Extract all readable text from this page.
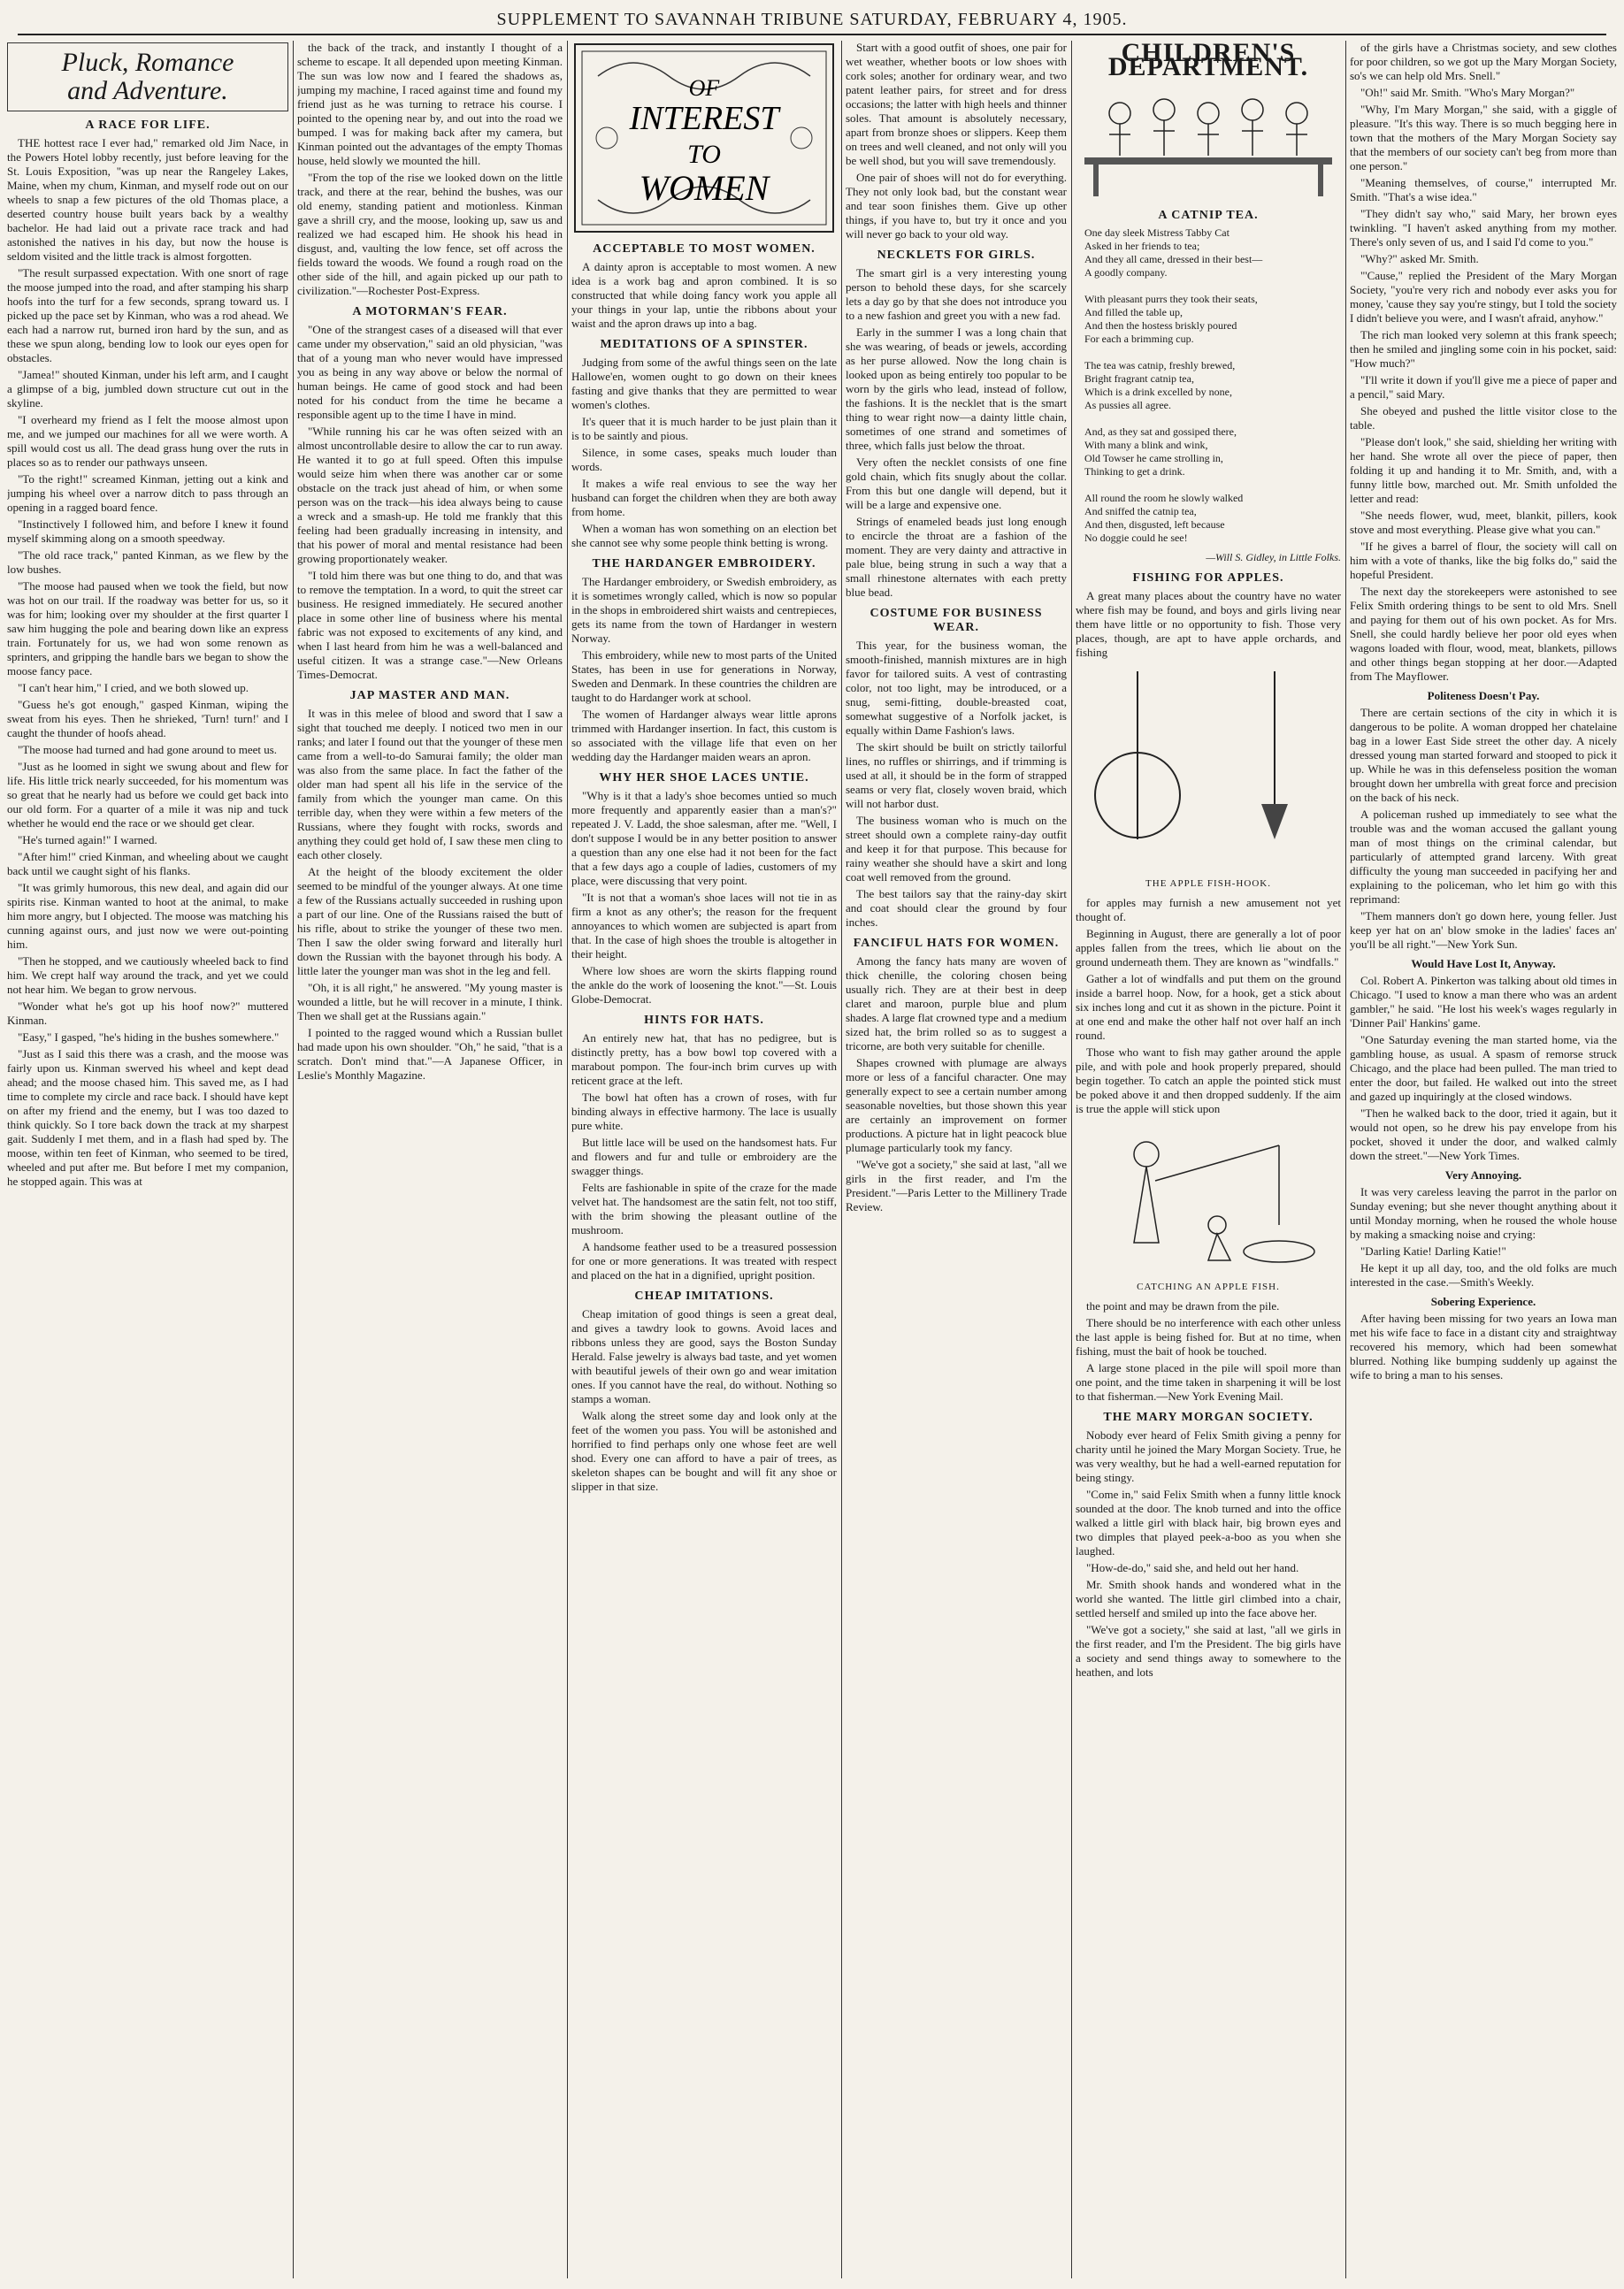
SUPPLEMENT TO SAVANNAH TRIBUNE SATURDAY, FEBRUARY 4, 1905.
Pluck, Romance
and Adventure.
A RACE FOR LIFE.

THE hottest race I ever had," remarked old Jim Nace, in the Powers Hotel lobby recently, just before leaving for the St. Louis Exposition, "was up near the Rangeley Lakes, Maine, when my chum, Kinman, and myself rode out on our wheels to snap a few pictures of the old Thomas place, a deserted country house built years back by a wealthy bachelor. He had laid out a private race track and had astonished the natives in his day, but now the house is seldom visited and the little track is almost forgotten.

"The result surpassed expectation. With one snort of rage the moose jumped into the road, and after stamping his sharp hoofs into the turf for a few seconds, sprang toward us. I picked up the pace set by Kinman, who was a rod ahead. We each had a narrow rut, burned iron hard by the sun, and as these we spun along, bending low to look our eyes open for obstacles.

"Jamea!" shouted Kinman, under his left arm, and I caught a glimpse of a big, jumbled down structure cut out in the skyline.

"I overheard my friend as I felt the moose almost upon me, and we jumped our machines for all we were worth. A spill would cost us all. The dead grass hung over the ruts in places so as to render our pathways unseen.

"To the right!" screamed Kinman, jetting out a kink and jumping his wheel over a narrow ditch to pass through an opening in a ragged board fence.

"Instinctively I followed him, and before I knew it found myself skimming along on a smooth speedway.

"The old race track," panted Kinman, as we flew by the low bushes.

"The moose had paused when we took the field, but now was hot on our trail. If the roadway was better for us, so it was for him; looking over my shoulder at the first quarter I saw him hugging the pole and bearing down like an express train. Fortunately for us, we had won some renown as sprinters, and gripping the handle bars we began to show the moose fancy pace.

"I can't hear him," I cried, and we both slowed up.

"Guess he's got enough," gasped Kinman, wiping the sweat from his eyes. Then he shrieked, 'Turn! turn!' and I caught the thunder of hoofs ahead.

"The moose had turned and had gone around to meet us.

"Just as he loomed in sight we swung about and flew for life. His little trick nearly succeeded, for his momentum was so great that he nearly had us before we could get back into our old form. For a quarter of a mile it was nip and tuck whether he would end the race or we should get clear.

"He's turned again!" I warned.

"After him!" cried Kinman, and wheeling about we caught back until we caught sight of his flanks.

"It was grimly humorous, this new deal, and again did our spirits rise. Kinman wanted to hoot at the animal, to make him more angry, but I objected. The moose was matching his cunning against ours, and just now we were out-pointing him.

"Then he stopped, and we cautiously wheeled back to find him. We crept half way around the track, and yet we could not hear him. We began to grow nervous.

"Wonder what he's got up his hoof now?" muttered Kinman.

"Easy," I gasped, "he's hiding in the bushes somewhere."

"Just as I said this there was a crash, and the moose was fairly upon us. Kinman swerved his wheel and kept dead ahead; and the moose chased him. This saved me, as I had time to complete my circle and race back. I should have kept on after my friend and the enemy, but I was too dazed to think quickly. So I tore back down the track at my sharpest gait. Suddenly I met them, and in a flash had sped by. The moose, within ten feet of Kinman, who seemed to be tired, wheeled and put after me. But before I met my companion, he stopped again. This was at

the back of the track, and instantly I thought of a scheme to escape. It all depended upon meeting Kinman. The sun was low now and I feared the shadows as, jumping my machine, I raced against time and found my friend just as he was turning to retrace his course. I pointed to the opening near by, and out into the road we bumped. I was for making back after my camera, but Kinman pointed out the advantages of the empty Thomas house, held slowly we mounted the hill.

"From the top of the rise we looked down on the little track, and there at the rear, behind the bushes, was our old enemy, standing patient and motionless. Kinman gave a shrill cry, and the moose, looking up, saw us and realized we had escaped him. He shook his head in disgust, and, vaulting the low fence, set off across the fields toward the woods. We found a rough road on the other side of the hill, and again picked up our path to civilization."—Rochester Post-Express.

A MOTORMAN'S FEAR.

"One of the strangest cases of a diseased will that ever came under my observation," said an old physician, "was that of a young man who never would have impressed you as being in any way above or below the normal of human beings. He came of good stock and had been noted for his conduct from the time he became a responsible agent up to the time I have in mind.

"While running his car he was often seized with an almost uncontrollable desire to allow the car to run away. He wanted it to go at full speed. Often this impulse would seize him when there was another car or some obstacle on the track just ahead of him, or when some person was on the track—his idea always being to cause a wreck and a smash-up. He told me frankly that this feeling had been gradually increasing in intensity, and that his power of moral and mental resistance had been growing proportionately weaker.

"I told him there was but one thing to do, and that was to remove the temptation. In a word, to quit the street car business. He resigned immediately. He secured another place in some other line of business where his mental fabric was not exposed to excitements of any kind, and when I last heard from him he was a well-balanced and useful citizen. It was a strange case."—New Orleans Times-Democrat.

JAP MASTER AND MAN.

It was in this melee of blood and sword that I saw a sight that touched me deeply. I noticed two men in our ranks; and later I found out that the younger of these men came from a well-to-do Samurai family; the older man was also from the same place. In fact the father of the older man had spent all his life in the service of the family from which the younger man came. On this terrible day, when they were within a few meters of the Russians, where they fought with rocks, swords and anything they could get hold of, I saw these men cling to each other closely.

At the height of the bloody excitement the older seemed to be mindful of the younger always. At one time a few of the Russians actually succeeded in rushing upon a part of our line. One of the Russians raised the butt of his rifle, about to strike the younger of these two men. Then I saw the older swing forward and literally hurl down the Russian with the bayonet through his body. A little later the younger man was shot in the leg and fell.

"Oh, it is all right," he answered. "My young master is wounded a little, but he will recover in a minute, I think. Then we shall get at the Russians again."

I pointed to the ragged wound which a Russian bullet had made upon his own shoulder. "Oh," he said, "that is a scratch. Don't mind that."—A Japanese Officer, in Leslie's Monthly Magazine.

OF
INTEREST
TO
WOMEN
ACCEPTABLE TO MOST WOMEN.

A dainty apron is acceptable to most women. A new idea is a work bag and apron combined. It is so constructed that while doing fancy work you apple all your things in your lap, untie the ribbons about your waist and the apron draws up into a bag.

MEDITATIONS OF A SPINSTER.

Judging from some of the awful things seen on the late Hallowe'en, women ought to go down on their knees fasting and give thanks that they are permitted to wear women's clothes.

It's queer that it is much harder to be just plain than it is to be saintly and pious.

Silence, in some cases, speaks much louder than words.

It makes a wife real envious to see the way her husband can forget the children when they are both away from home.

When a woman has won something on an election bet she cannot see why some people think betting is wrong.

THE HARDANGER EMBROIDERY.

The Hardanger embroidery, or Swedish embroidery, as it is sometimes wrongly called, which is now so popular in the shops in embroidered shirt waists and centrepieces, gets its name from the town of Hardanger in western Norway.

This embroidery, while new to most parts of the United States, has been in use for generations in Norway, Sweden and Denmark. In these countries the children are taught to do Hardanger work at school.

The women of Hardanger always wear little aprons trimmed with Hardanger insertion. In fact, this custom is so associated with the village life that even on her wedding day the Hardanger maiden wears an apron.

WHY HER SHOE LACES UNTIE.

"Why is it that a lady's shoe becomes untied so much more frequently and apparently easier than a man's?" repeated J. V. Ladd, the shoe salesman, after me. "Well, I don't suppose I would be in any better position to answer a question than any one else had it not been for the fact that a few days ago a couple of ladies, customers of my place, were discussing that very point.

"It is not that a woman's shoe laces will not tie in as firm a knot as any other's; the reason for the frequent annoyances to which women are subjected is apart from that. In the case of high shoes the trouble is altogether in their height.

Where low shoes are worn the skirts flapping round the ankle do the work of loosening the knot."—St. Louis Globe-Democrat.

HINTS FOR HATS.

An entirely new hat, that has no pedigree, but is distinctly pretty, has a bow bowl top covered with a marabout pompon. The four-inch brim curves up with reticent grace at the left.

The bowl hat often has a crown of roses, with fur binding always in effective harmony. The lace is usually pure white.

But little lace will be used on the handsomest hats. Fur and flowers and fur and tulle or embroidery are the swagger things.

Felts are fashionable in spite of the craze for the made velvet hat. The handsomest are the satin felt, not too stiff, with the brim showing the pleasant outline of the mushroom.

A handsome feather used to be a treasured possession for one or more generations. It was treated with respect and placed on the hat in a dignified, upright position.

CHEAP IMITATIONS.

Cheap imitation of good things is seen a great deal, and gives a tawdry look to gowns. Avoid laces and ribbons unless they are good, says the Boston Sunday Herald. False jewelry is always bad taste, and yet women with beautiful jewels of their own go and wear imitation ones. If you cannot have the real, do without. Nothing so stamps a woman.

Walk along the street some day and look only at the feet of the women you pass. You will be astonished and horrified to find perhaps only one whose feet are well shod. Every one can afford to have a pair of trees, as skeleton shapes can be bought and will fit any shoe or slipper in that size.

Start with a good outfit of shoes, one pair for wet weather, whether boots or low shoes with cork soles; another for ordinary wear, and two patent leather pairs, for street and for dress occasions; the latter with high heels and thinner soles. That amount is absolutely necessary, apart from bronze shoes or slippers. Keep them on trees and well cleaned, and not only will you be well shod, but you will save tremendously.

One pair of shoes will not do for everything. They not only look bad, but the constant wear and tear soon finishes them. Give up other things, if you have to, but try it once and you will never go back to your old way.

NECKLETS FOR GIRLS.

The smart girl is a very interesting young person to behold these days, for she scarcely lets a day go by that she does not introduce you to a new fashion and greet you with a new fad.

Early in the summer I was a long chain that she was wearing, of beads or jewels, according as her purse allowed. Now the long chain is looked upon as being entirely too popular to be worn by the girls who lead, instead of follow, the fashions. It is the necklet that is the smart thing to wear right now—a dainty little chain, sometimes of one strand and sometimes of three, which falls just below the throat.

Very often the necklet consists of one fine gold chain, which fits snugly about the collar. From this but one dangle will depend, but it will be a large and expensive one.

Strings of enameled beads just long enough to encircle the throat are a fashion of the moment. They are very dainty and attractive in pale blue, being strung in such a way that a small rhinestone alternates with each pretty blue bead.

COSTUME FOR BUSINESS WEAR.

This year, for the business woman, the smooth-finished, mannish mixtures are in high favor for tailored suits. A vest of contrasting color, not too light, may be introduced, or a snug, semi-fitting, double-breasted coat, somewhat suggestive of a Norfolk jacket, is equally within Dame Fashion's laws.

The skirt should be built on strictly tailorful lines, no ruffles or shirrings, and if trimming is used at all, it should be in the form of strapped seams or very flat, closely woven braid, which will not harbor dust.

The business woman who is much on the street should own a complete rainy-day outfit and keep it for that purpose. This because for rainy weather she should have a skirt and long coat well removed from the ground.

The best tailors say that the rainy-day skirt and coat should clear the ground by four inches.

FANCIFUL HATS FOR WOMEN.

Among the fancy hats many are woven of thick chenille, the coloring chosen being usually rich. They are at their best in deep claret and maroon, purple blue and plum shades. A large flat crowned type and a medium sized hat, the brim rolled so as to suggest a tricorne, are both very suitable for chenille.

Shapes crowned with plumage are always more or less of a fanciful character. One may generally expect to see a certain number among seasonable novelties, but those shown this year are certainly an improvement on former productions. A picture hat in light peacock blue plumage particularly took my fancy.

"We've got a society," she said at last, "all we girls in the first reader, and I'm the President."—Paris Letter to the Millinery Trade Review.

CHILDREN'S DEPARTMENT.
A CATNIP TEA.
One day sleek Mistress Tabby Cat
Asked in her friends to tea;
And they all came, dressed in their best—
A goodly company.

With pleasant purrs they took their seats,
And filled the table up,
And then the hostess briskly poured
For each a brimming cup.

The tea was catnip, freshly brewed,
Bright fragrant catnip tea,
Which is a drink excelled by none,
As pussies all agree.

And, as they sat and gossiped there,
With many a blink and wink,
Old Towser he came strolling in,
Thinking to get a drink.

All round the room he slowly walked
And sniffed the catnip tea,
And then, disgusted, left because
No doggie could he see!
—Will S. Gidley, in Little Folks.
FISHING FOR APPLES.

A great many places about the country have no water where fish may be found, and boys and girls living near them have little or no opportunity to fish. Those very places, though, are apt to have apple orchards, and fishing

THE APPLE FISH-HOOK.

for apples may furnish a new amusement not yet thought of.

Beginning in August, there are generally a lot of poor apples fallen from the trees, which lie about on the ground underneath them. They are known as "windfalls."

Gather a lot of windfalls and put them on the ground inside a barrel hoop. Now, for a hook, get a stick about six inches long and cut it as shown in the picture. Point it at one end and make the other half not over half an inch round.

Those who want to fish may gather around the apple pile, and with pole and hook properly prepared, should begin together. To catch an apple the pointed stick must be poked above it and then dropped suddenly. If the aim is true the apple will stick upon

CATCHING AN APPLE FISH.

the point and may be drawn from the pile.

There should be no interference with each other unless the last apple is being fished for. But at no time, when fishing, must the bait of hook be touched.

A large stone placed in the pile will spoil more than one point, and the time taken in sharpening it will be lost to that fisherman.—New York Evening Mail.

THE MARY MORGAN SOCIETY.

Nobody ever heard of Felix Smith giving a penny for charity until he joined the Mary Morgan Society. True, he was very wealthy, but he had a well-earned reputation for being stingy.

"Come in," said Felix Smith when a funny little knock sounded at the door. The knob turned and into the office walked a little girl with black hair, big brown eyes and two dimples that played peek-a-boo as you when she laughed.

"How-de-do," said she, and held out her hand.

Mr. Smith shook hands and wondered what in the world she wanted. The little girl climbed into a chair, settled herself and smiled up into the face above her.

"We've got a society," she said at last, "all we girls in the first reader, and I'm the President. The big girls have a society and send things away to somewhere to the heathen, and lots

of the girls have a Christmas society, and sew clothes for poor children, so we got up the Mary Morgan Society, so's we can help old Mrs. Snell."

"Oh!" said Mr. Smith. "Who's Mary Morgan?"

"Why, I'm Mary Morgan," she said, with a giggle of pleasure. "It's this way. There is so much begging here in town that the mothers of the Mary Morgan Society say that the members of our society can't beg from more than one person."

"Meaning themselves, of course," interrupted Mr. Smith. "That's a wise idea."

"They didn't say who," said Mary, her brown eyes twinkling. "I haven't asked anything from my mother. There's only seven of us, and I said I'd come to you."

"Why?" asked Mr. Smith.

"'Cause," replied the President of the Mary Morgan Society, "you're very rich and nobody ever asks you for money, 'cause they say you're stingy, but I told the society I didn't believe you were, and I wasn't afraid, anyhow."

The rich man looked very solemn at this frank speech; then he smiled and jingling some coin in his pocket, said: "How much?"

"I'll write it down if you'll give me a piece of paper and a pencil," said Mary.

She obeyed and pushed the little visitor close to the table.

"Please don't look," she said, shielding her writing with her hand. She wrote all over the piece of paper, then folding it up and handing it to Mr. Smith, and, with a funny little bow, marched out. Mr. Smith unfolded the letter and read:

"She needs flower, wud, meet, blankit, pillers, kook stove and most everything. Please give what you can."

"If he gives a barrel of flour, the society will call on him with a vote of thanks, like the big folks do," said the hopeful President.

The next day the storekeepers were astonished to see Felix Smith ordering things to be sent to old Mrs. Snell and paying for them out of his own pocket. As for Mrs. Snell, she could hardly believe her poor old eyes when wagons loaded with flour, wood, meat, blankets, pillows and other things began stopping at her door.—Adapted from The Mayflower.

Politeness Doesn't Pay.

There are certain sections of the city in which it is dangerous to be polite. A woman dropped her chatelaine bag in a lower East Side street the other day. A nicely dressed young man started forward and stooped to pick it up. While he was in this defenseless position the woman brought down her umbrella with great force and precision on the back of his neck.

A policeman rushed up immediately to see what the trouble was and the woman accused the gallant young man of most things on the criminal calendar, but particularly of attempted grand larceny. With great difficulty the young man succeeded in pacifying her and explaining to the policeman, who let him go with this reprimand:

"Them manners don't go down here, young feller. Just keep yer hat on an' blow smoke in the ladies' faces an' you'll be all right."—New York Sun.

Would Have Lost It, Anyway.

Col. Robert A. Pinkerton was talking about old times in Chicago. "I used to know a man there who was an ardent gambler," he said. "He lost his week's wages regularly in 'Dinner Pail' Hankins' game.

"One Saturday evening the man started home, via the gambling house, as usual. A spasm of remorse struck Chicago, and the place had been pulled. The man tried to enter the door, but failed. He walked out into the street and gazed up inquiringly at the closed windows.

"Then he walked back to the door, tried it again, but it would not open, so he drew his pay envelope from his pocket, shoved it under the door, and walked calmly down the street."—New York Times.

Very Annoying.

It was very careless leaving the parrot in the parlor on Sunday evening; but she never thought anything about it until Monday morning, when he roused the whole house by making a smacking noise and crying:

"Darling Katie! Darling Katie!"

He kept it up all day, too, and the old folks are much interested in the case.—Smith's Weekly.

Sobering Experience.

After having been missing for two years an Iowa man met his wife face to face in a distant city and straightway recovered his memory, which had been somewhat blurred. Nothing like bumping suddenly up against the wife to bring a man to his senses.
